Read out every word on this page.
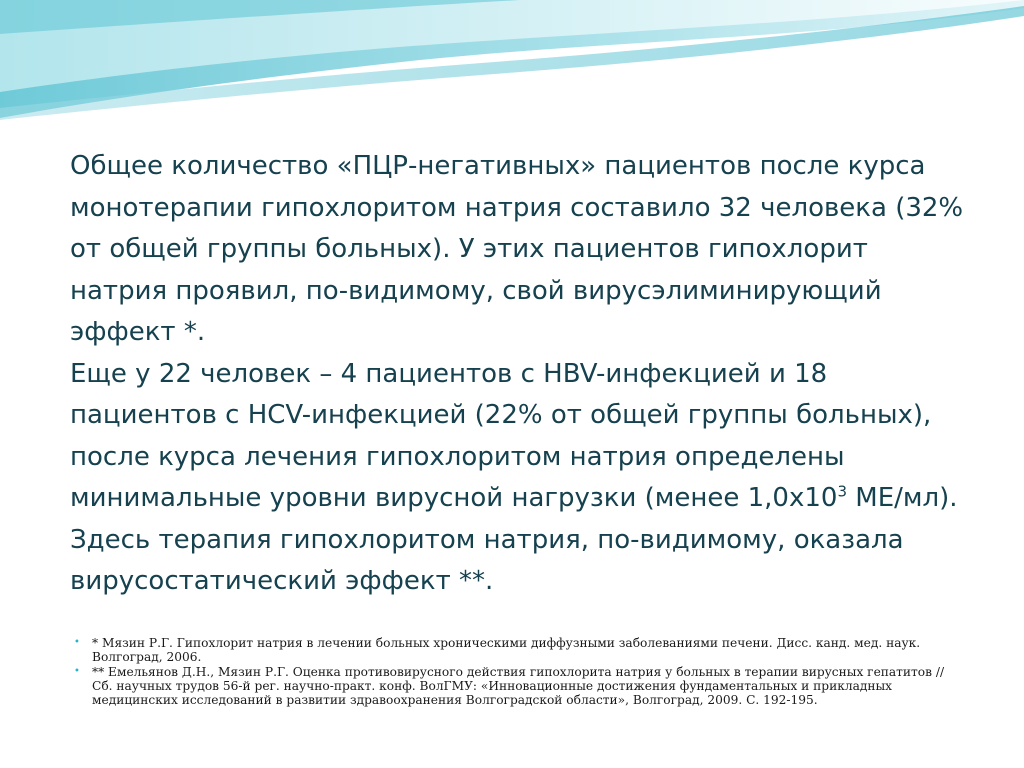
Общее количество «ПЦР-негативных» пациентов после курса монотерапии гипохлоритом натрия составило 32 человека (32% от общей группы больных). У этих пациентов гипохлорит натрия проявил, по-видимому, свой вирусэлиминирующий эффект *.

Еще у 22 человек – 4 пациентов с HBV-инфекцией и 18 пациентов с HCV-инфекцией (22% от общей группы больных), после курса лечения гипохлоритом натрия определены минимальные уровни вирусной нагрузки (менее $1,0х10^3$ МЕ/мл). Здесь терапия гипохлоритом натрия, по-видимому, оказала вирусостатический эффект **.

• * Мязин Р.Г. Гипохлорит натрия в лечении больных хроническими диффузными заболеваниями печени. Дисс. канд. мед. наук. Волгоград, 2006.
• ** Емельянов Д.Н., Мязин Р.Г. Оценка противовирусного действия гипохлорита натрия у больных в терапии вирусных гепатитов // Сб. научных трудов 56-й рег. научно-практ. конф. ВолГМУ: «Инновационные достижения фундаментальных и прикладных медицинских исследований в развитии здравоохранения Волгоградской области», Волгоград, 2009. С. 192-195.
